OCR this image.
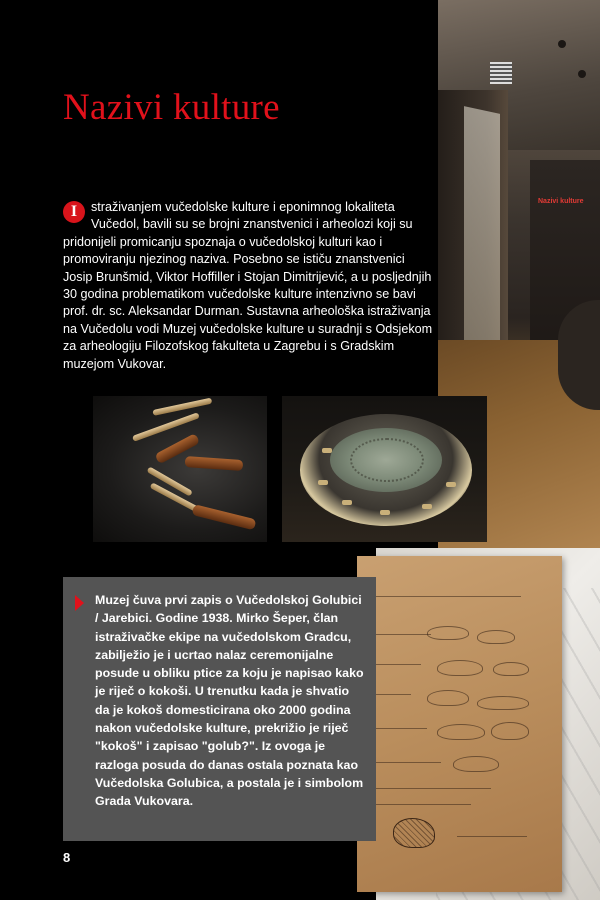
Nazivi kulture
Nazivi kulture
I	straživanjem vučedolske kulture i eponimnog lokaliteta Vučedol, bavili su se brojni znanstvenici i arheolozi koji su pridonijeli promicanju spoznaja o vučedolskoj kulturi kao i promoviranju njezinog naziva. Posebno se ističu znanstvenici Josip Brunšmid, Viktor Hoffiller i Stojan Dimitrijević, a u posljednjih 30 godina problematikom vučedolske kulture intenzivno se bavi prof. dr. sc. Aleksandar Durman. Sustavna arheološka istraživanja na Vučedolu vodi Muzej vučedolske kulture u suradnji s Odsjekom za arheologiju Filozofskog fakulteta u Zagrebu i s Gradskim muzejom Vukovar.
Muzej čuva prvi zapis o Vučedolskoj Golubici / Jarebici. Godine 1938. Mirko Šeper, član istraživačke ekipe na vučedolskom Gradcu, zabilježio je i ucrtao nalaz ceremonijalne posude u obliku ptice za koju je napisao kako je riječ o kokoši. U trenutku kada je shvatio da je kokoš domesticirana oko 2000 godina nakon vučedolske kulture, prekrižio je riječ "kokoš" i zapisao "golub?". Iz ovoga je razloga posuda do danas ostala poznata kao Vučedolska Golubica, a postala je i simbolom Grada Vukovara.
8
